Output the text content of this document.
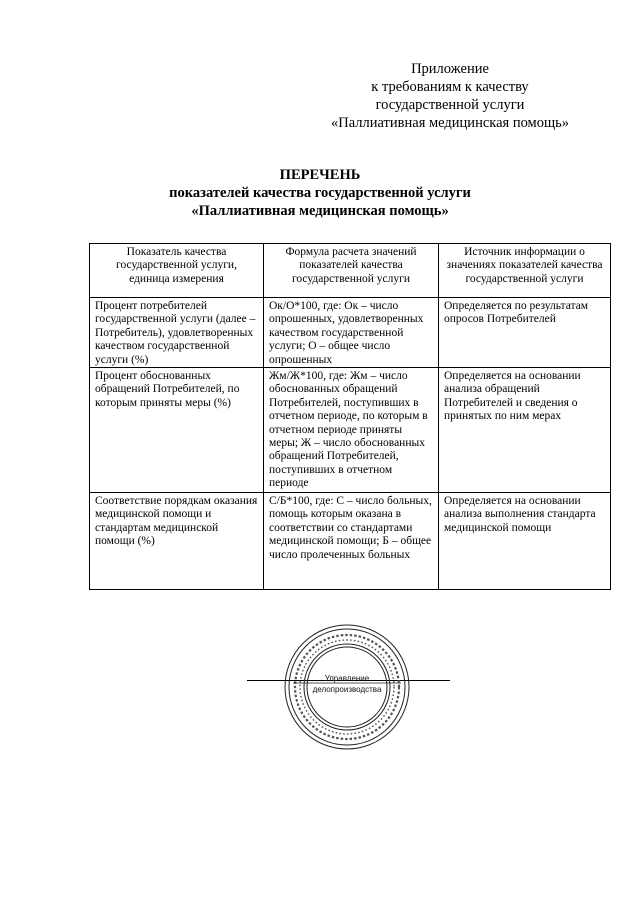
Приложение
к требованиям к качеству
государственной услуги
«Паллиативная медицинская помощь»
ПЕРЕЧЕНЬ
показателей качества государственной услуги
«Паллиативная медицинская помощь»
Показатель качества государственной услуги, единица измерения	Формула расчета значений показателей качества государственной услуги	Источник информации о значениях показателей качества государственной услуги
Процент потребителей государственной услуги (далее – Потребитель), удовлетворенных качеством государственной услуги (%)	Ок/О*100, где: Ок – число опрошенных, удовлетворенных качеством государственной услуги; О – общее число опрошенных	Определяется по результатам опросов Потребителей
Процент обоснованных обращений Потребителей, по которым приняты меры (%)	Жм/Ж*100, где: Жм – число обоснованных обращений Потребителей, поступивших в отчетном периоде, по которым в отчетном периоде приняты меры; Ж – число обоснованных обращений Потребителей, поступивших в отчетном периоде	Определяется на основании анализа обращений Потребителей и сведения о принятых по ним мерах
Соответствие порядкам оказания медицинской помощи и стандартам медицинской помощи (%)	С/Б*100, где: С – число больных, помощь которым оказана в соответствии со стандартами медицинской помощи; Б – общее число пролеченных больных	Определяется на основании анализа выполнения стандарта медицинской помощи
Управление
делопроизводства
